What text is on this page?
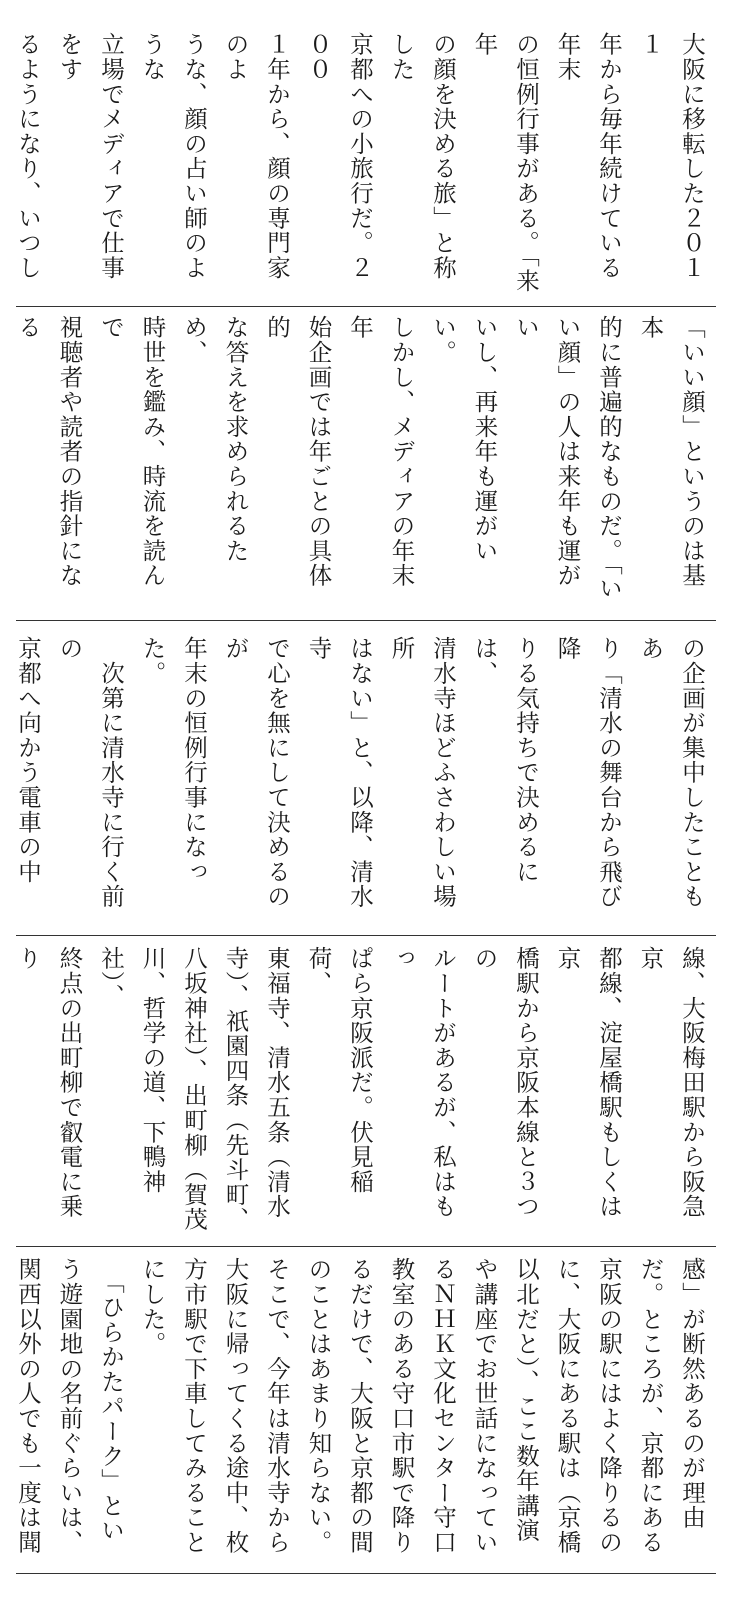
大阪に移転した２０１１
年から毎年続けている年末
の恒例行事がある。「来年
の顔を決める旅」と称した
京都への小旅行だ。２００
１年から、顔の専門家のよ
うな、顔の占い師のような
立場でメディアで仕事をす
るようになり、いつし

「いい顔」というのは基本
的に普遍的なものだ。「い
い顔」の人は来年も運がい
いし、再来年も運がいい。
しかし、メディアの年末年
始企画では年ごとの具体的
な答えを求められるため、
時世を鑑み、時流を読んで
視聴者や読者の指針になる

の企画が集中したこともあ
り「清水の舞台から飛び降
りる気持ちで決めるには、
清水寺ほどふさわしい場所
はない」と、以降、清水寺
で心を無にして決めるのが
年末の恒例行事になった。
　次第に清水寺に行く前の
京都へ向かう電車の中

線、大阪梅田駅から阪急京
都線、淀屋橋駅もしくは京
橋駅から京阪本線と３つの
ルートがあるが、私はもっ
ぱら京阪派だ。伏見稲荷、
東福寺、清水五条（清水
寺）、祇園四条（先斗町、
八坂神社）、出町柳（賀茂
川、哲学の道、下鴨神社）、
終点の出町柳で叡電に乗り

感」が断然あるのが理由
だ。ところが、京都にある
京阪の駅にはよく降りるの
に、大阪にある駅は（京橋
以北だと）、ここ数年講演
や講座でお世話になってい
るＮＨＫ文化センター守口
教室のある守口市駅で降り
るだけで、大阪と京都の間
のことはあまり知らない。
そこで、今年は清水寺から
大阪に帰ってくる途中、枚
方市駅で下車してみること
にした。
　「ひらかたパーク」とい
う遊園地の名前ぐらいは、
関西以外の人でも一度は聞
